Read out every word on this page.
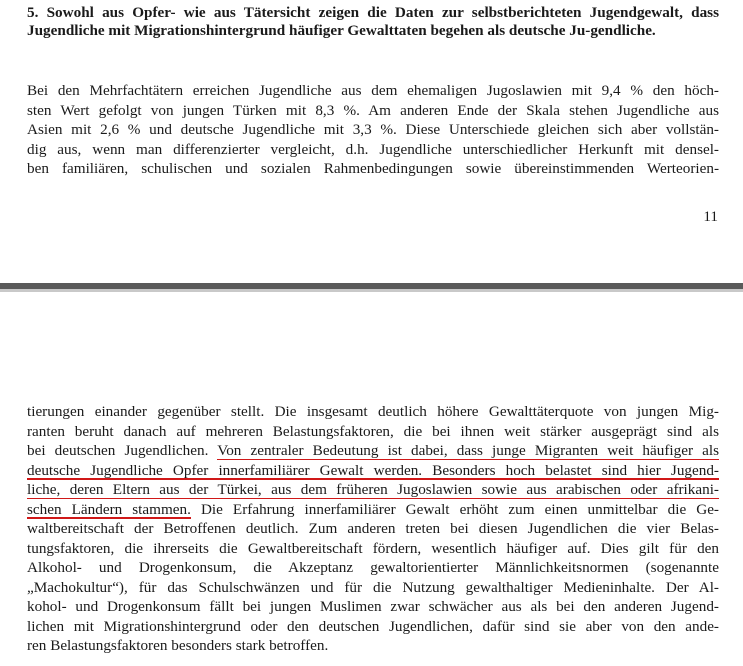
5. Sowohl aus Opfer- wie aus Tätersicht zeigen die Daten zur selbstberichteten Jugendgewalt, dass Jugendliche mit Migrationshintergrund häufiger Gewalttaten begehen als deutsche Ju-gendliche.
Bei den Mehrfachtätern erreichen Jugendliche aus dem ehemaligen Jugoslawien mit 9,4 % den höch-
sten Wert gefolgt von jungen Türken mit 8,3 %. Am anderen Ende der Skala stehen Jugendliche aus
Asien mit 2,6 % und deutsche Jugendliche mit 3,3 %. Diese Unterschiede gleichen sich aber vollstän-
dig aus, wenn man differenzierter vergleicht, d.h. Jugendliche unterschiedlicher Herkunft mit densel-
ben familiären, schulischen und sozialen Rahmenbedingungen sowie übereinstimmenden Werteorien-
11
tierungen einander gegenüber stellt. Die insgesamt deutlich höhere Gewalttäterquote von jungen Mig-
ranten beruht danach auf mehreren Belastungsfaktoren, die bei ihnen weit stärker ausgeprägt sind als
bei deutschen Jugendlichen. Von zentraler Bedeutung ist dabei, dass junge Migranten weit häufiger als
deutsche Jugendliche Opfer innerfamiliärer Gewalt werden. Besonders hoch belastet sind hier Jugend-
liche, deren Eltern aus der Türkei, aus dem früheren Jugoslawien sowie aus arabischen oder afrikani-
schen Ländern stammen. Die Erfahrung innerfamiliärer Gewalt erhöht zum einen unmittelbar die Ge-
waltbereitschaft der Betroffenen deutlich. Zum anderen treten bei diesen Jugendlichen die vier Belas-
tungsfaktoren, die ihrerseits die Gewaltbereitschaft fördern, wesentlich häufiger auf. Dies gilt für den
Alkohol- und Drogenkonsum, die Akzeptanz gewaltorientierter Männlichkeitsnormen (sogenannte
„Machokultur“), für das Schulschwänzen und für die Nutzung gewalthaltiger Medieninhalte. Der Al-
kohol- und Drogenkonsum fällt bei jungen Muslimen zwar schwächer aus als bei den anderen Jugend-
lichen mit Migrationshintergrund oder den deutschen Jugendlichen, dafür sind sie aber von den ande-
ren Belastungsfaktoren besonders stark betroffen.
